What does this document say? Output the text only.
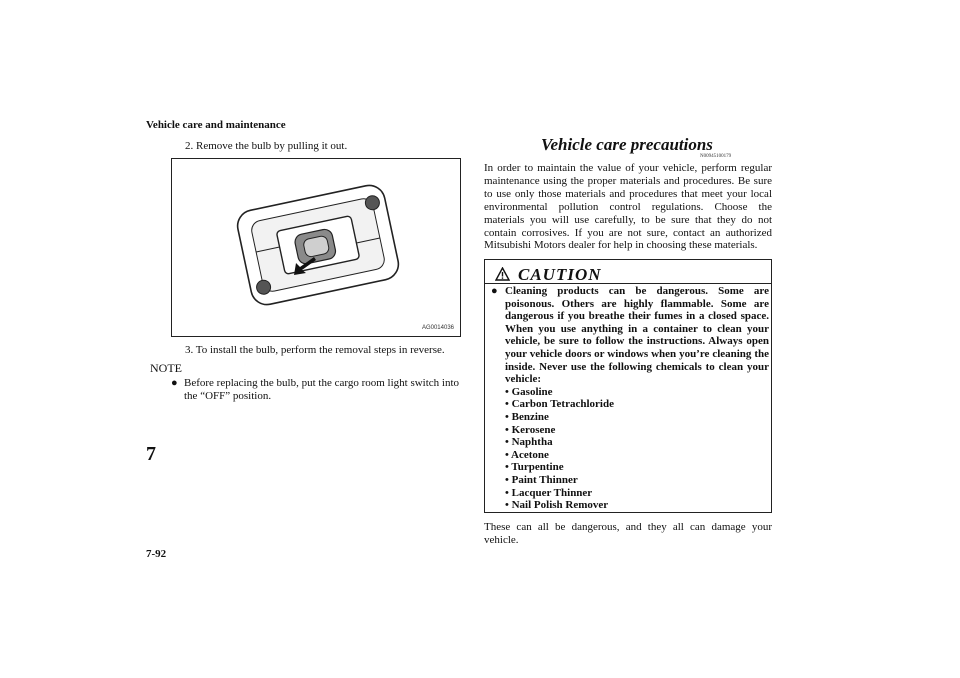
Vehicle care and maintenance
2. Remove the bulb by pulling it out.
AG0014036
3. To install the bulb, perform the removal steps in reverse.
NOTE
● Before replacing the bulb, put the cargo room light switch into the “OFF” position.
7
7-92
Vehicle care precautions
N00945100179
In order to maintain the value of your vehicle, perform regular maintenance using the proper materials and procedures. Be sure to use only those materials and procedures that meet your local environmental pollution control regulations. Choose the materials you will use carefully, to be sure that they do not contain corrosives. If you are not sure, contact an authorized Mitsubishi Motors dealer for help in choosing these materials.
CAUTION
● Cleaning products can be dangerous. Some are poisonous. Others are highly flammable. Some are dangerous if you breathe their fumes in a closed space. When you use anything in a container to clean your vehicle, be sure to follow the instructions. Always open your vehicle doors or windows when you’re cleaning the inside. Never use the following chemicals to clean your vehicle:
• Gasoline
• Carbon Tetrachloride
• Benzine
• Kerosene
• Naphtha
• Acetone
• Turpentine
• Paint Thinner
• Lacquer Thinner
• Nail Polish Remover
These can all be dangerous, and they all can damage your vehicle.
